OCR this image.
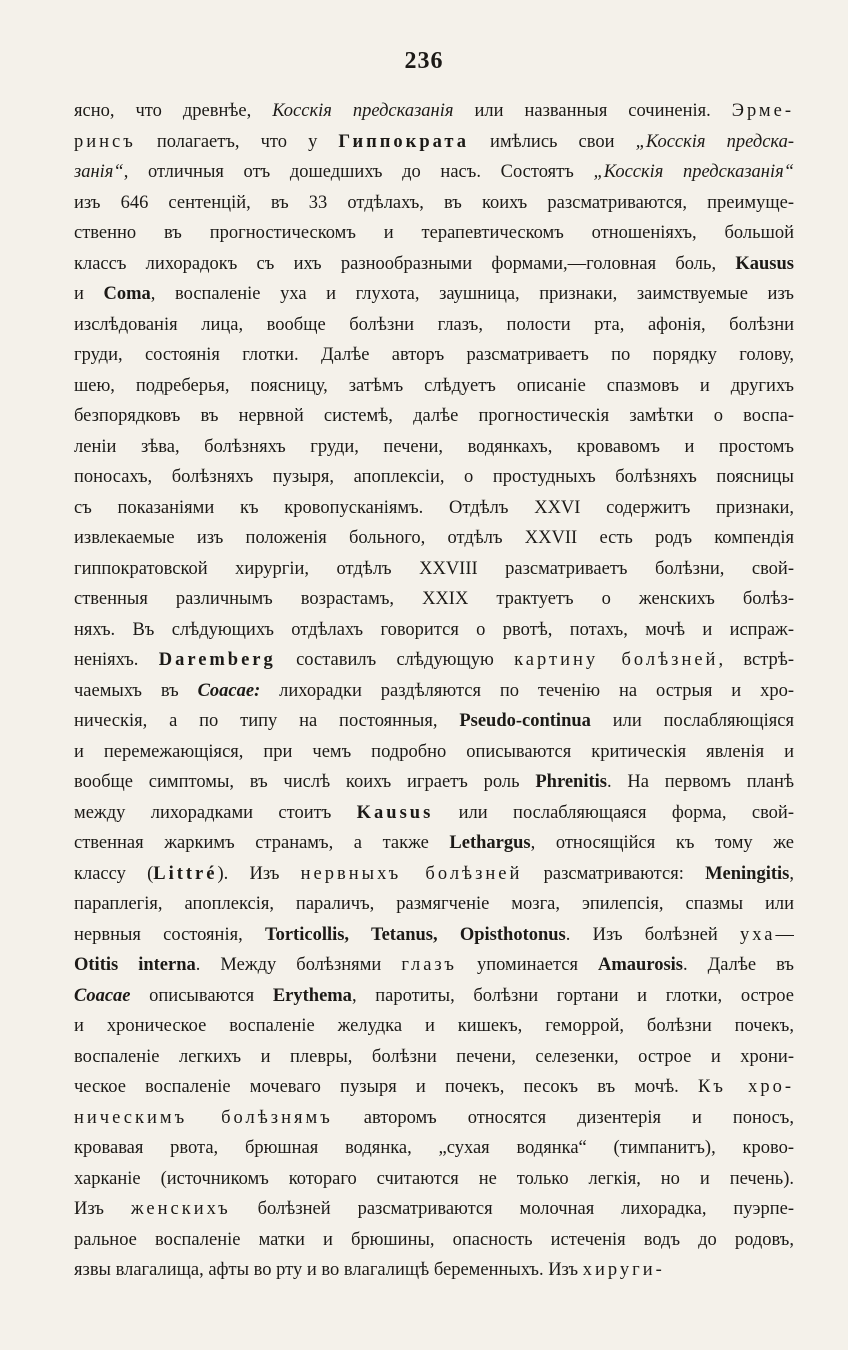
236
ясно, что древнѣе, Косскія предсказанія или названныя сочиненія. Эрме-
ринсъ полагаетъ, что у Гиппократа имѣлись свои „Косскія предска-
занія“, отличныя отъ дошедшихъ до насъ. Состоятъ „Косскія предсказанія“
изъ 646 сентенцій, въ 33 отдѣлахъ, въ коихъ разсматриваются, преимуще-
ственно въ прогностическомъ и терапевтическомъ отношеніяхъ, большой
классъ лихорадокъ съ ихъ разнообразными формами,—головная боль, Kausus
и Coma, воспаленіе уха и глухота, заушница, признаки, заимствуемые изъ
изслѣдованія лица, вообще болѣзни глазъ, полости рта, афонія, болѣзни
груди, состоянія глотки. Далѣе авторъ разсматриваетъ по порядку голову,
шею, подреберья, поясницу, затѣмъ слѣдуетъ описаніе спазмовъ и другихъ
безпорядковъ въ нервной системѣ, далѣе прогностическія замѣтки о воспа-
леніи зѣва, болѣзняхъ груди, печени, водянкахъ, кровавомъ и простомъ
поносахъ, болѣзняхъ пузыря, апоплексіи, о простудныхъ болѣзняхъ поясницы
съ показаніями къ кровопусканіямъ. Отдѣлъ XXVI содержитъ признаки,
извлекаемые изъ положенія больного, отдѣлъ XXVII есть родъ компендія
гиппократовской хирургіи, отдѣлъ XXVIII разсматриваетъ болѣзни, свой-
ственныя различнымъ возрастамъ, XXIX трактуетъ о женскихъ болѣз-
няхъ. Въ слѣдующихъ отдѣлахъ говорится о рвотѣ, потахъ, мочѣ и испраж-
неніяхъ. Daremberg составилъ слѣдующую картину болѣзней, встрѣ-
чаемыхъ въ Coacae: лихорадки раздѣляются по теченію на острыя и хро-
ническія, а по типу на постоянныя, Pseudo-continua или послабляющіяся
и перемежающіяся, при чемъ подробно описываются критическія явленія и
вообще симптомы, въ числѣ коихъ играетъ роль Phrenitis. На первомъ планѣ
между лихорадками стоитъ Kausus или послабляющаяся форма, свой-
ственная жаркимъ странамъ, а также Lethargus, относящійся къ тому же
классу (Littré). Изъ нервныхъ болѣзней разсматриваются: Meningitis,
параплегія, апоплексія, параличъ, размягченіе мозга, эпилепсія, спазмы или
нервныя состоянія, Torticollis, Tetanus, Opisthotonus. Изъ болѣзней уха—
Otitis interna. Между болѣзнями глазъ упоминается Amaurosis. Далѣе въ
Coacae описываются Erythema, паротиты, болѣзни гортани и глотки, острое
и хроническое воспаленіе желудка и кишекъ, геморрой, болѣзни почекъ,
воспаленіе легкихъ и плевры, болѣзни печени, селезенки, острое и хрони-
ческое воспаленіе мочеваго пузыря и почекъ, песокъ въ мочѣ. Къ хро-
ническимъ болѣзнямъ авторомъ относятся дизентерія и поносъ,
кровавая рвота, брюшная водянка, „сухая водянка“ (тимпанитъ), крово-
харканіе (источникомъ котораго считаются не только легкія, но и печень).
Изъ женскихъ болѣзней разсматриваются молочная лихорадка, пуэрпе-
ральное воспаленіе матки и брюшины, опасность истеченія водъ до родовъ,
язвы влагалища, афты во рту и во влагалищѣ беременныхъ. Изъ хируги-
